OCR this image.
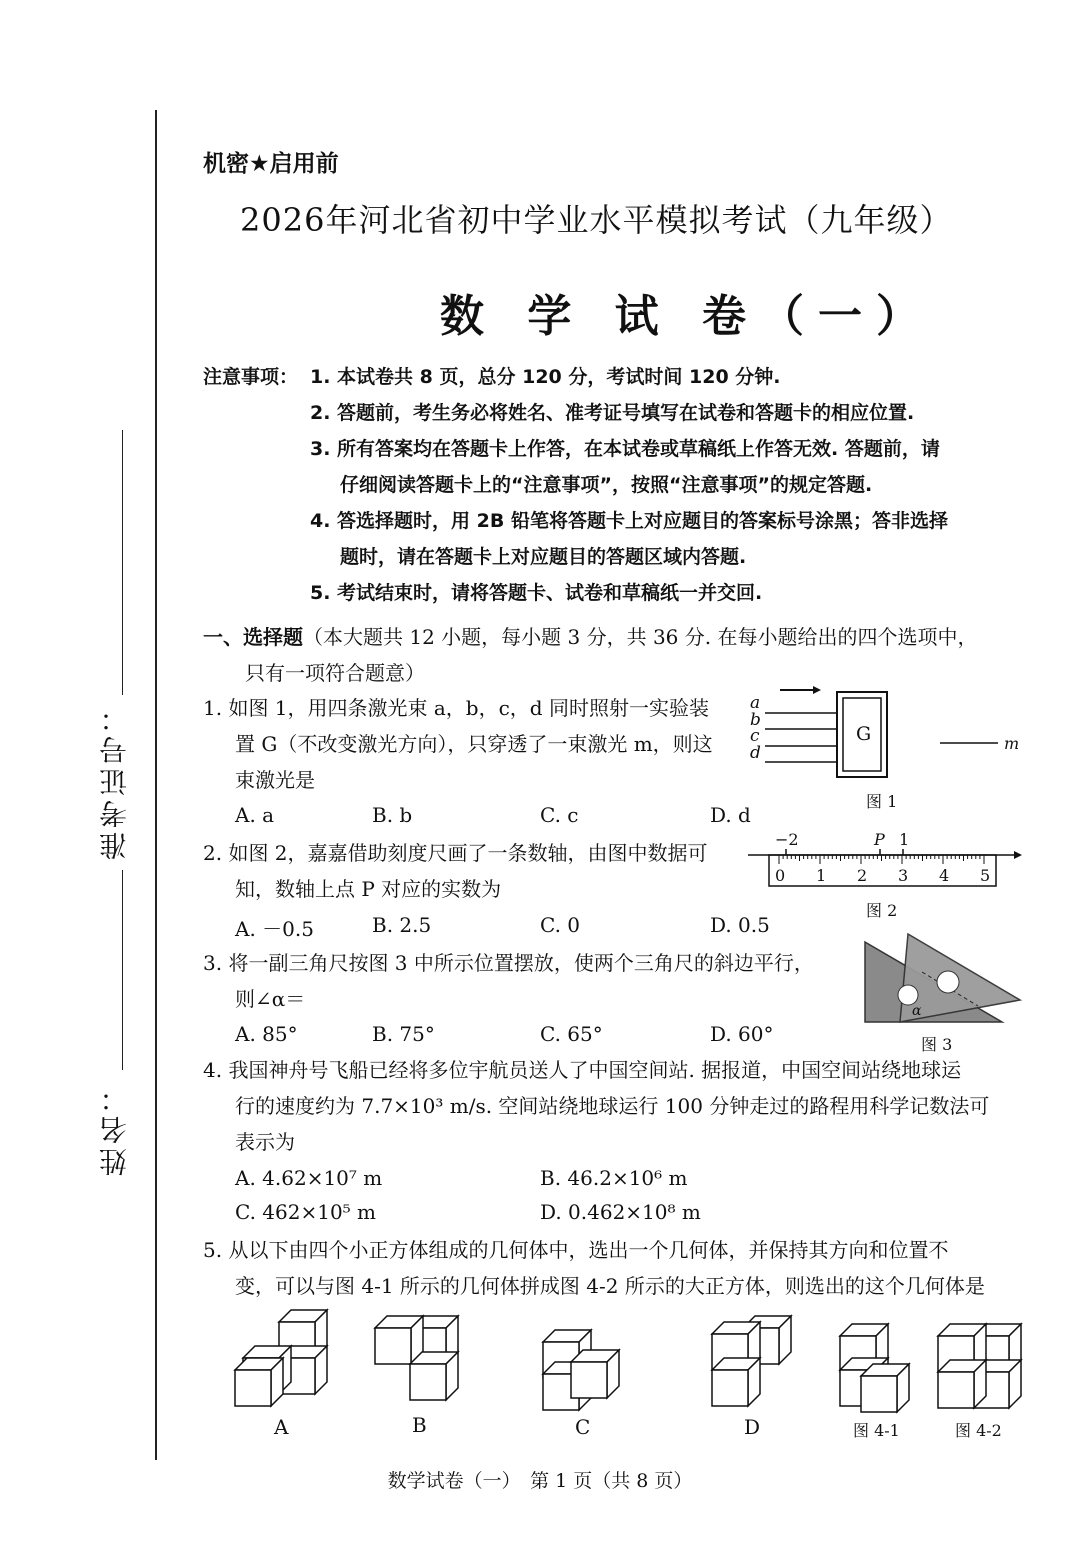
准考证号：
姓名：
机密★启用前
2026年河北省初中学业水平模拟考试（九年级）
数 学 试 卷（一）
注意事项： 1. 本试卷共 8 页，总分 120 分，考试时间 120 分钟.
2. 答题前，考生务必将姓名、准考证号填写在试卷和答题卡的相应位置.
3. 所有答案均在答题卡上作答，在本试卷或草稿纸上作答无效. 答题前，请
仔细阅读答题卡上的“注意事项”，按照“注意事项”的规定答题.
4. 答选择题时，用 2B 铅笔将答题卡上对应题目的答案标号涂黑；答非选择
题时，请在答题卡上对应题目的答题区域内答题.
5. 考试结束时，请将答题卡、试卷和草稿纸一并交回.
一、选择题（本大题共 12 小题，每小题 3 分，共 36 分. 在每小题给出的四个选项中，
只有一项符合题意）
1. 如图 1，用四条激光束 a，b，c，d 同时照射一实验装
置 G（不改变激光方向），只穿透了一束激光 m，则这
束激光是
A. a	B. b	C. c	D. d
a
b
c
d
G	m
图 1
2. 如图 2，嘉嘉借助刻度尺画了一条数轴，由图中数据可
知，数轴上点 P 对应的实数为
A. －0.5	B. 2.5	C. 0	D. 0.5
−2	P 1
0 1 2 3 4 5
图 2
3. 将一副三角尺按图 3 中所示位置摆放，使两个三角尺的斜边平行，
则∠α＝
A. 85°	B. 75°	C. 65°	D. 60°
α
图 3
4. 我国神舟号飞船已经将多位宇航员送人了中国空间站. 据报道，中国空间站绕地球运
行的速度约为 7.7×10³ m/s. 空间站绕地球运行 100 分钟走过的路程用科学记数法可
表示为
A. 4.62×10⁷ m	B. 46.2×10⁶ m
C. 462×10⁵ m	D. 0.462×10⁸ m
5. 从以下由四个小正方体组成的几何体中，选出一个几何体，并保持其方向和位置不
变，可以与图 4-1 所示的几何体拼成图 4-2 所示的大正方体，则选出的这个几何体是
A	B	C	D	图 4-1	图 4-2
数学试卷（一）　第 1 页（共 8 页）
